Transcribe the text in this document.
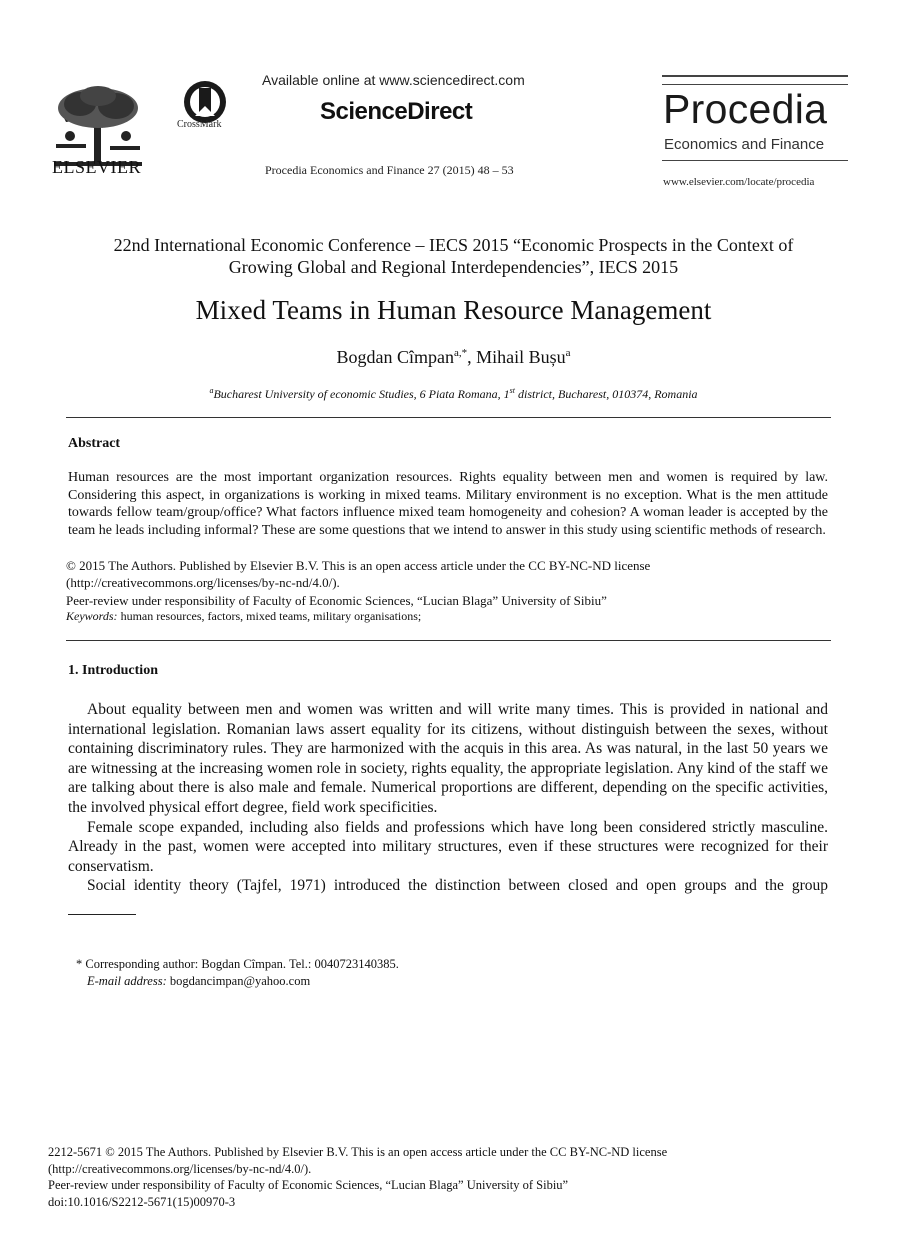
ELSEVIER
CrossMark
Available online at www.sciencedirect.com
ScienceDirect
Procedia Economics and Finance 27 (2015) 48 – 53
Procedia
Economics and Finance
www.elsevier.com/locate/procedia
22nd International Economic Conference – IECS 2015 “Economic Prospects in the Context of
Growing Global and Regional Interdependencies”, IECS 2015
Mixed Teams in Human Resource Management
Bogdan Cîmpan$^{a,*}$, Mihail Bușu$^a$
$^a$Bucharest University of economic Studies, 6 Piata Romana, 1st district, Bucharest, 010374, Romania
Abstract
Human resources are the most important organization resources. Rights equality between men and women is required by law. Considering this aspect, in organizations is working in mixed teams. Military environment is no exception. What is the men attitude towards fellow team/group/office? What factors influence mixed team homogeneity and cohesion? A woman leader is accepted by the team he leads including informal? These are some questions that we intend to answer in this study using scientific methods of research.
© 2015 The Authors. Published by Elsevier B.V. This is an open access article under the CC BY-NC-ND license
(http://creativecommons.org/licenses/by-nc-nd/4.0/).
Peer-review under responsibility of Faculty of Economic Sciences, “Lucian Blaga” University of Sibiu”
Keywords: human resources, factors, mixed teams, military organisations;
1. Introduction

About equality between men and women was written and will write many times. This is provided in national and international legislation. Romanian laws assert equality for its citizens, without distinguish between the sexes, without containing discriminatory rules. They are harmonized with the acquis in this area. As was natural, in the last 50 years we are witnessing at the increasing women role in society, rights equality, the appropriate legislation. Any kind of the staff we are talking about there is also male and female. Numerical proportions are different, depending on the specific activities, the involved physical effort degree, field work specificities.

Female scope expanded, including also fields and professions which have long been considered strictly masculine. Already in the past, women were accepted into military structures, even if these structures were recognized for their conservatism.

Social identity theory (Tajfel, 1971) introduced the distinction between closed and open groups and the group

* Corresponding author: Bogdan Cîmpan. Tel.: 0040723140385.
E-mail address: bogdancimpan@yahoo.com
2212-5671 © 2015 The Authors. Published by Elsevier B.V. This is an open access article under the CC BY-NC-ND license
(http://creativecommons.org/licenses/by-nc-nd/4.0/).
Peer-review under responsibility of Faculty of Economic Sciences, “Lucian Blaga” University of Sibiu”
doi:10.1016/S2212-5671(15)00970-3
